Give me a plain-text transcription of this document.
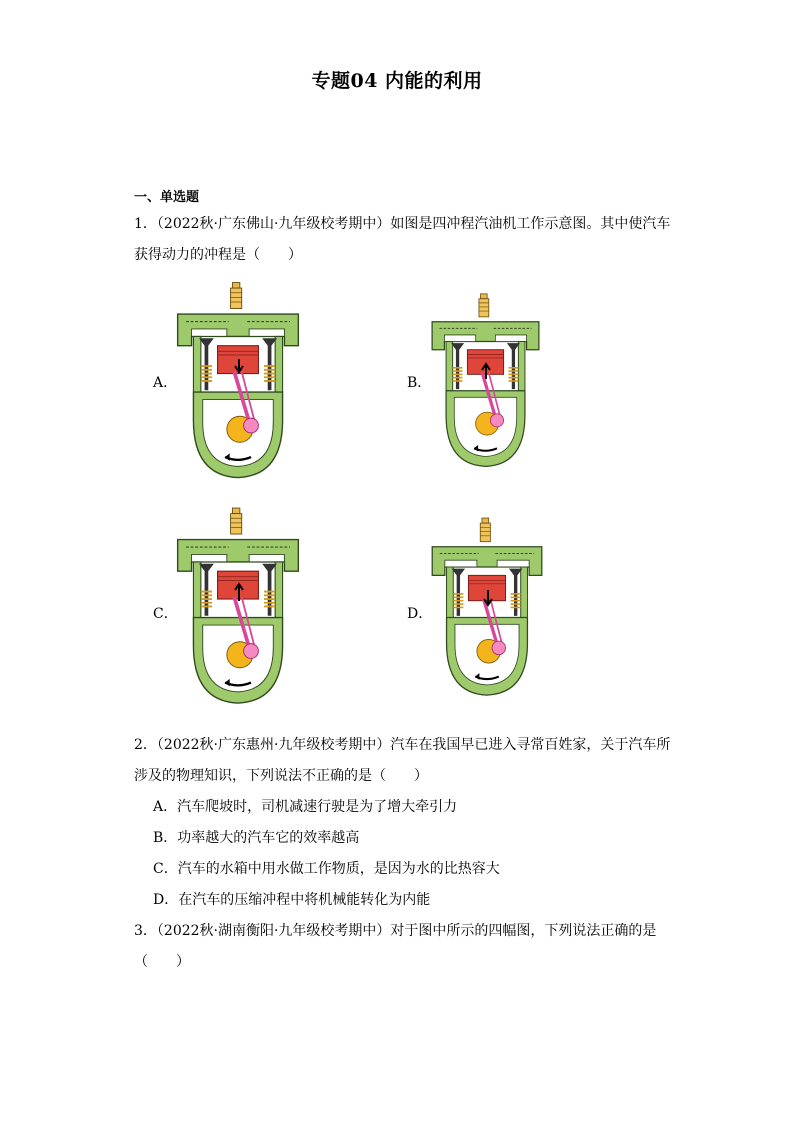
专题04 内能的利用
一、单选题
1．（2022秋·广东佛山·九年级校考期中）如图是四冲程汽油机工作示意图。其中使汽车
获得动力的冲程是（　　）
A．	B．
C．	D．
2．（2022秋·广东惠州·九年级校考期中）汽车在我国早已进入寻常百姓家，关于汽车所
涉及的物理知识，下列说法不正确的是（　　）
A．汽车爬坡时，司机减速行驶是为了增大牵引力
B．功率越大的汽车它的效率越高
C．汽车的水箱中用水做工作物质，是因为水的比热容大
D．在汽车的压缩冲程中将机械能转化为内能
3．（2022秋·湖南衡阳·九年级校考期中）对于图中所示的四幅图，下列说法正确的是
（　　）
